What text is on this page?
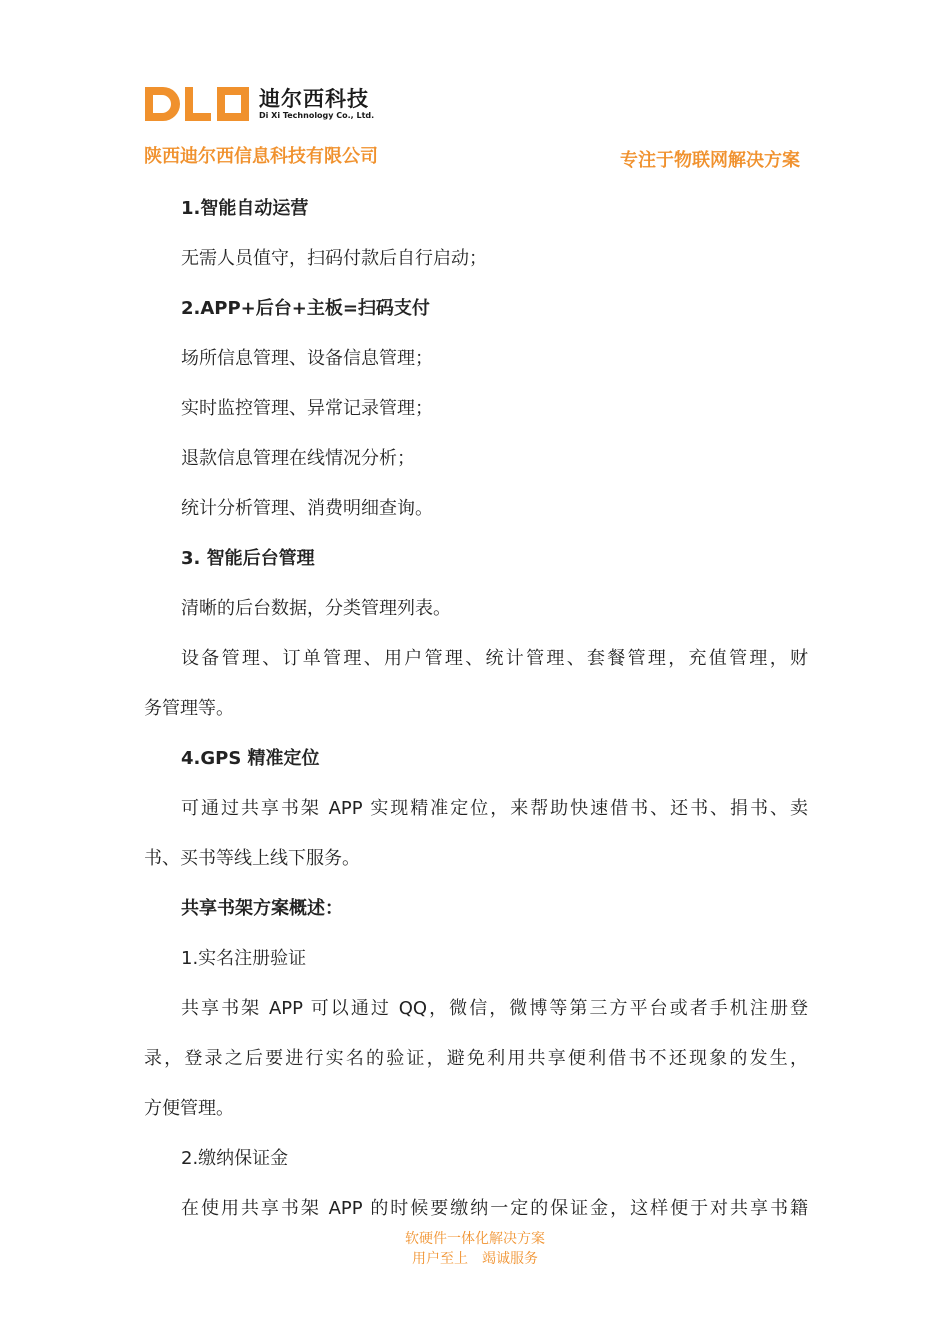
迪尔西科技
Di Xi Technology Co., Ltd.
陕西迪尔西信息科技有限公司	专注于物联网解决方案
1.智能自动运营
无需人员值守，扫码付款后自行启动；
2.APP+后台+主板=扫码支付
场所信息管理、设备信息管理；
实时监控管理、异常记录管理；
退款信息管理在线情况分析；
统计分析管理、消费明细查询。
3. 智能后台管理
清晰的后台数据，分类管理列表。
设备管理、订单管理、用户管理、统计管理、套餐管理，充值管理，财
务管理等。
4.GPS 精准定位
可通过共享书架 APP 实现精准定位，来帮助快速借书、还书、捐书、卖
书、买书等线上线下服务。
共享书架方案概述：
1.实名注册验证
共享书架 APP 可以通过 QQ，微信，微博等第三方平台或者手机注册登
录，登录之后要进行实名的验证，避免利用共享便利借书不还现象的发生，
方便管理。
2.缴纳保证金
在使用共享书架 APP 的时候要缴纳一定的保证金，这样便于对共享书籍
软硬件一体化解决方案
用户至上　竭诚服务
